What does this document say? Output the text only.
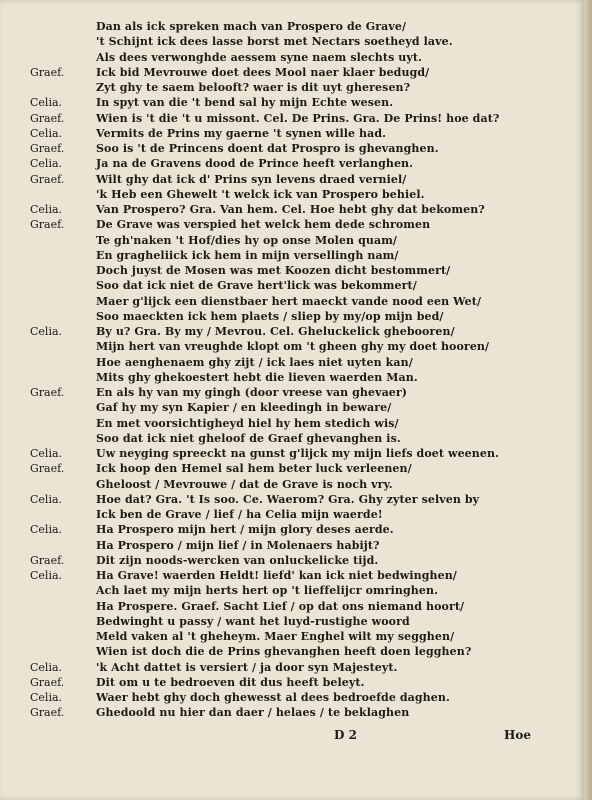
Dan als ick spreken mach van Prospero de Grave/
't Schijnt ick dees lasse borst met Nectars soetheyd lave.
Als dees verwonghde aessem syne naem slechts uyt.
Graef.	Ick bid Mevrouwe doet dees Mool naer klaer bedugd/
Zyt ghy te saem belooft? waer is dit uyt gheresen?
Celia.	In spyt van die 't bend sal hy mijn Echte wesen.
Graef.	Wien is 't die 't u missont. Cel. De Prins. Gra. De Prins! hoe dat?
Celia.	Vermits de Prins my gaerne 't synen wille had.
Graef.	Soo is 't de Princens doent dat Prospro is ghevanghen.
Celia.	Ja na de Gravens dood de Prince heeft verlanghen.
Graef.	Wilt ghy dat ick d' Prins syn levens draed verniel/
'k Heb een Ghewelt 't welck ick van Prospero behiel.
Celia.	Van Prospero? Gra. Van hem. Cel. Hoe hebt ghy dat bekomen?
Graef.	De Grave was verspied het welck hem dede schromen
Te gh'naken 't Hof/dies hy op onse Molen quam/
En gragheliick ick hem in mijn versellingh nam/
Doch juyst de Mosen was met Koozen dicht bestommert/
Soo dat ick niet de Grave hert'lick was bekommert/
Maer g'lijck een dienstbaer hert maeckt vande nood een Wet/
Soo maeckten ick hem plaets / sliep by my/op mijn bed/
Celia.	By u? Gra. By my / Mevrou. Cel. Gheluckelick ghebooren/
Mijn hert van vreughde klopt om 't gheen ghy my doet hooren/
Hoe aenghenaem ghy zijt / ick laes niet uyten kan/
Mits ghy ghekoestert hebt die lieven waerden Man.
Graef.	En als hy van my gingh (door vreese van ghevaer)
Gaf hy my syn Kapier / en kleedingh in beware/
En met voorsichtigheyd hiel hy hem stedich wis/
Soo dat ick niet gheloof de Graef ghevanghen is.
Celia.	Uw neyging spreeckt na gunst g'lijck my mijn liefs doet weenen.
Graef.	Ick hoop den Hemel sal hem beter luck verleenen/
Gheloost / Mevrouwe / dat de Grave is noch vry.
Celia.	Hoe dat? Gra. 't Is soo. Ce. Waerom? Gra. Ghy zyter selven by
Ick ben de Grave / lief / ha Celia mijn waerde!
Celia.	Ha Prospero mijn hert / mijn glory deses aerde.
Ha Prospero / mijn lief / in Molenaers habijt?
Graef.	Dit zijn noods-wercken van onluckelicke tijd.
Celia.	Ha Grave! waerden Heldt! liefd' kan ick niet bedwinghen/
Ach laet my mijn herts hert op 't lieffelijcr omringhen.
Ha Prospere. Graef. Sacht Lief / op dat ons niemand hoort/
Bedwinght u passy / want het luyd-rustighe woord
Meld vaken al 't gheheym. Maer Enghel wilt my segghen/
Wien ist doch die de Prins ghevanghen heeft doen legghen?
Celia.	'k Acht dattet is versiert / ja door syn Majesteyt.
Graef.	Dit om u te bedroeven dit dus heeft beleyt.
Celia.	Waer hebt ghy doch ghewesst al dees bedroefde daghen.
Graef.	Ghedoold nu hier dan daer / helaes / te beklaghen
D 2	Hoe
